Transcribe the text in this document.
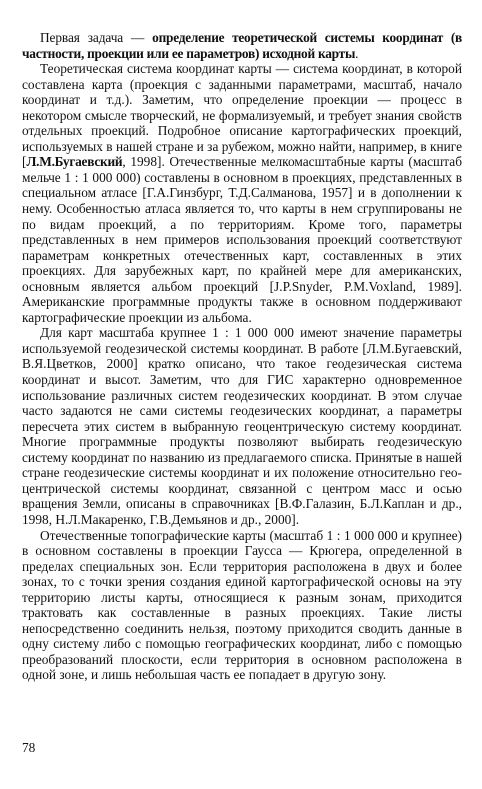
Первая задача — определение теоретической системы координат (в частности, проекции или ее параметров) исходной карты.

Теоретическая система координат карты — система координат, в которой составлена карта (проекция с заданными параметрами, масштаб, начало координат и т.д.). Заметим, что определение проекции — процесс в некотором смысле творческий, не формализуемый, и требует знания свойств отдельных проекций. Подробное описание картографических проекций, используемых в нашей стране и за рубежом, можно найти, например, в книге [Л.М.Бугаевский, 1998]. Отечественные мелкомасштабные карты (масштаб мельче 1 : 1 000 000) составлены в основном в проекциях, представленных в специальном атласе [Г.А.Гинзбург, Т.Д.Салманова, 1957] и в дополнении к нему. Особенностью атласа является то, что карты в нем сгруппированы не по видам проекций, а по территориям. Кроме того, параметры представленных в нем примеров использования проекций соответствуют параметрам конкретных отечественных карт, составленных в этих проекциях. Для зарубежных карт, по крайней мере для американских, основным является альбом проекций [J.P.Snyder, P.M.Voxland, 1989]. Американские программные продукты также в основном поддерживают картографические проекции из альбома.

Для карт масштаба крупнее 1 : 1 000 000 имеют значение параметры используемой геодезической системы координат. В работе [Л.М.Бугаевский, В.Я.Цветков, 2000] кратко описано, что такое геодезическая система координат и высот. Заметим, что для ГИС характерно одновременное использование различных систем геодезических координат. В этом случае часто задаются не сами системы геодезических координат, а параметры пересчета этих систем в выбранную геоцентрическую систему координат. Многие программные продукты позволяют выбирать геодезическую систему координат по названию из предлагаемого списка. Принятые в нашей стране геодезические системы координат и их положение относительно геоцентрической системы координат, связанной с центром масс и осью вращения Земли, описаны в справочниках [В.Ф.Галазин, Б.Л.Каплан и др., 1998, Н.Л.Макаренко, Г.В.Демьянов и др., 2000].

Отечественные топографические карты (масштаб 1 : 1 000 000 и крупнее) в основном составлены в проекции Гаусса — Крюгера, определенной в пределах специальных зон. Если территория расположена в двух и более зонах, то с точки зрения создания единой картографической основы на эту территорию листы карты, относящиеся к разным зонам, приходится трактовать как составленные в разных проекциях. Такие листы непосредственно соединить нельзя, поэтому приходится сводить данные в одну систему либо с помощью географических координат, либо с помощью преобразований плоскости, если территория в основном расположена в одной зоне, и лишь небольшая часть ее попадает в другую зону.

78
